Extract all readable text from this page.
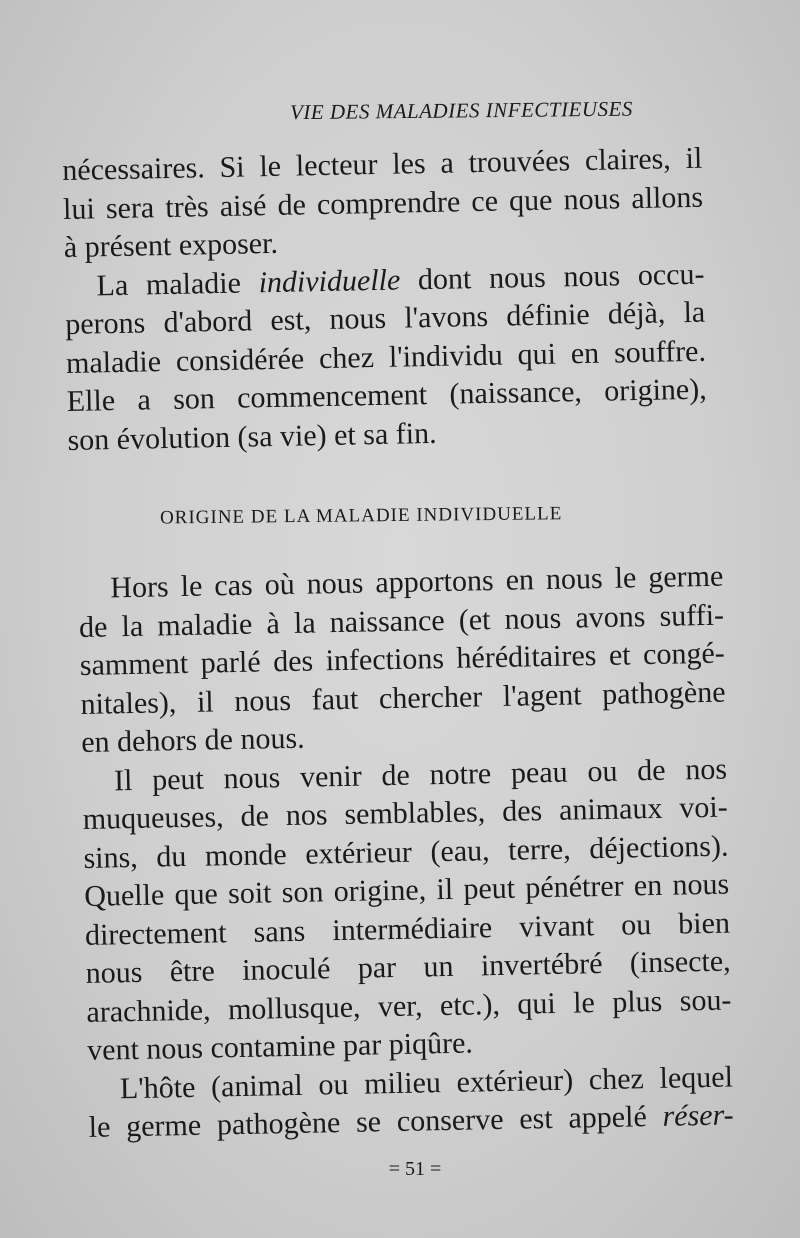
VIE DES MALADIES INFECTIEUSES
nécessaires. Si le lecteur les a trouvées claires, il
lui sera très aisé de comprendre ce que nous allons
à présent exposer.
La maladie individuelle dont nous nous occu-
perons d'abord est, nous l'avons définie déjà, la
maladie considérée chez l'individu qui en souffre.
Elle a son commencement (naissance, origine),
son évolution (sa vie) et sa fin.
ORIGINE DE LA MALADIE INDIVIDUELLE
Hors le cas où nous apportons en nous le germe
de la maladie à la naissance (et nous avons suffi-
samment parlé des infections héréditaires et congé-
nitales), il nous faut chercher l'agent pathogène
en dehors de nous.
Il peut nous venir de notre peau ou de nos
muqueuses, de nos semblables, des animaux voi-
sins, du monde extérieur (eau, terre, déjections).
Quelle que soit son origine, il peut pénétrer en nous
directement sans intermédiaire vivant ou bien
nous être inoculé par un invertébré (insecte,
arachnide, mollusque, ver, etc.), qui le plus sou-
vent nous contamine par piqûre.
L'hôte (animal ou milieu extérieur) chez lequel
le germe pathogène se conserve est appelé réser-
= 51 =
